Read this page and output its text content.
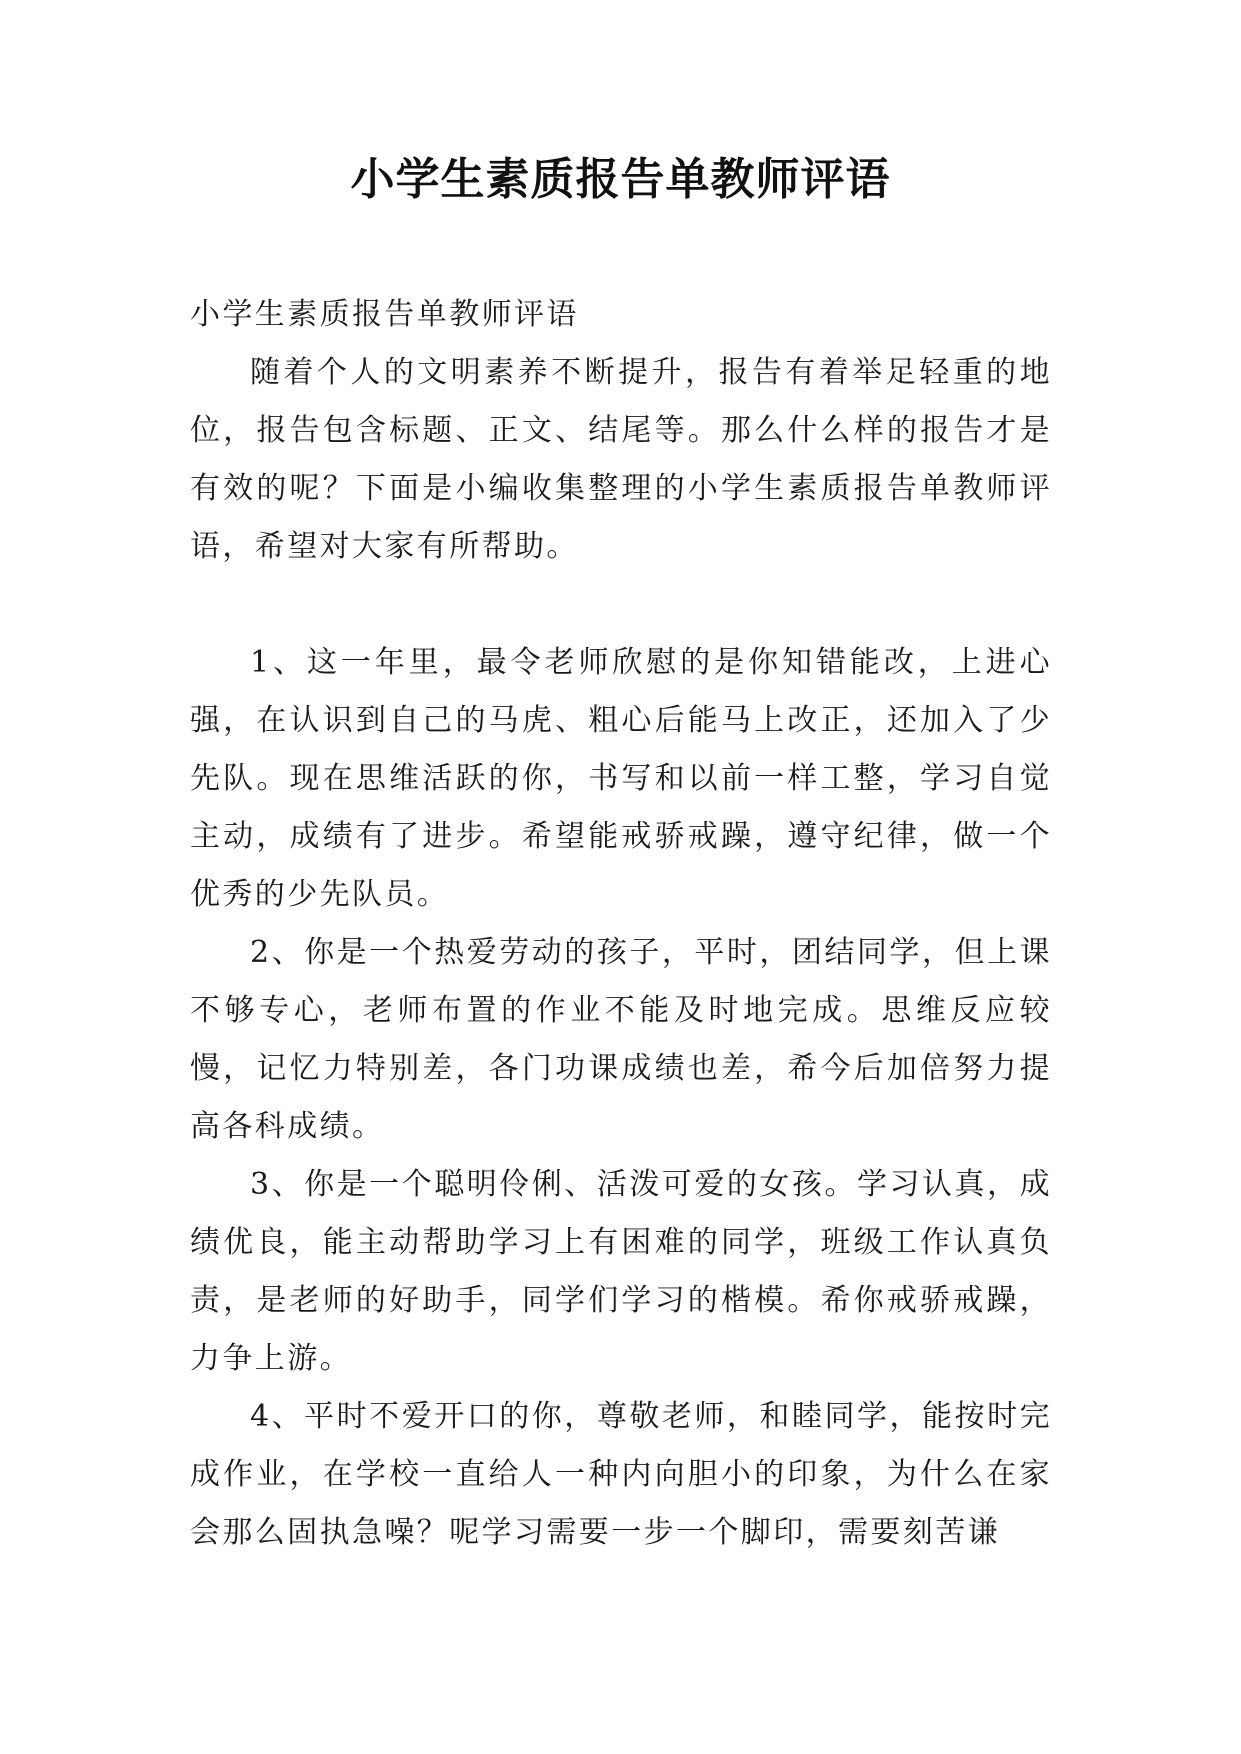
小学生素质报告单教师评语

小学生素质报告单教师评语

随着个人的文明素养不断提升，报告有着举足轻重的地位，报告包含标题、正文、结尾等。那么什么样的报告才是有效的呢？下面是小编收集整理的小学生素质报告单教师评语，希望对大家有所帮助。

1、这一年里，最令老师欣慰的是你知错能改，上进心强，在认识到自己的马虎、粗心后能马上改正，还加入了少先队。现在思维活跃的你，书写和以前一样工整，学习自觉主动，成绩有了进步。希望能戒骄戒躁，遵守纪律，做一个优秀的少先队员。

2、你是一个热爱劳动的孩子，平时，团结同学，但上课不够专心，老师布置的作业不能及时地完成。思维反应较慢，记忆力特别差，各门功课成绩也差，希今后加倍努力提高各科成绩。

3、你是一个聪明伶俐、活泼可爱的女孩。学习认真，成绩优良，能主动帮助学习上有困难的同学，班级工作认真负责，是老师的好助手，同学们学习的楷模。希你戒骄戒躁，力争上游。

4、平时不爱开口的你，尊敬老师，和睦同学，能按时完成作业，在学校一直给人一种内向胆小的印象，为什么在家会那么固执急噪？呢学习需要一步一个脚印，需要刻苦谦
